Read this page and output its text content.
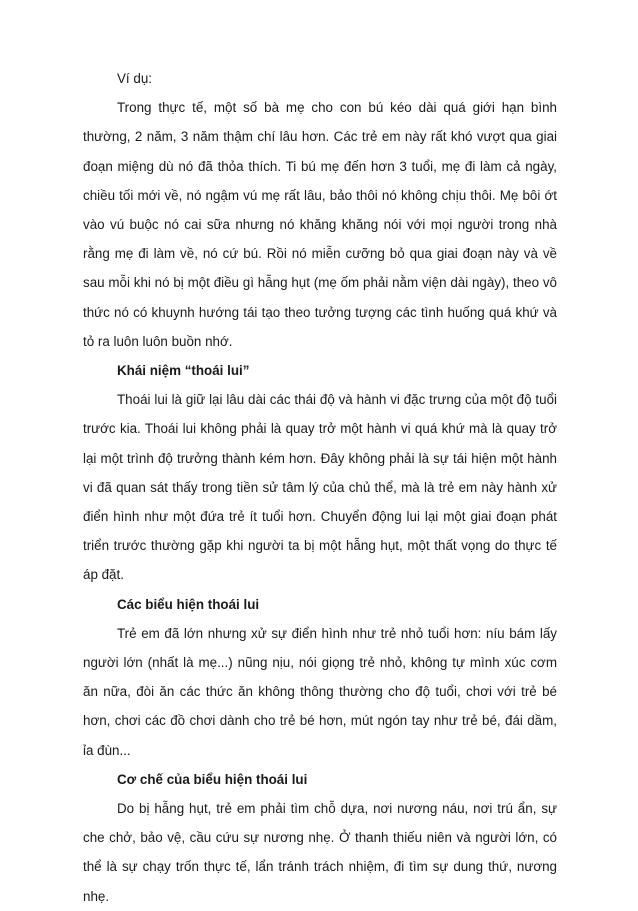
Ví dụ:

Trong thực tế, một số bà mẹ cho con bú kéo dài quá giới hạn bình thường, 2 năm, 3 năm thậm chí lâu hơn. Các trẻ em này rất khó vượt qua giai đoạn miệng dù nó đã thỏa thích. Ti bú mẹ đến hơn 3 tuổi, mẹ đi làm cả ngày, chiều tối mới về, nó ngậm vú mẹ rất lâu, bảo thôi nó không chịu thôi. Mẹ bôi ớt vào vú buộc nó cai sữa nhưng nó khăng khăng nói với mọi người trong nhà rằng mẹ đi làm về, nó cứ bú. Rồi nó miễn cưỡng bỏ qua giai đoạn này và về sau mỗi khi nó bị một điều gì hẫng hụt (mẹ ốm phải nằm viện dài ngày), theo vô thức nó có khuynh hướng tái tạo theo tưởng tượng các tình huống quá khứ và tỏ ra luôn luôn buồn nhớ.

Khái niệm “thoái lui”

Thoái lui là giữ lại lâu dài các thái độ và hành vi đặc trưng của một độ tuổi trước kia. Thoái lui không phải là quay trở một hành vi quá khứ mà là quay trở lại một trình độ trưởng thành kém hơn. Đây không phải là sự tái hiện một hành vi đã quan sát thấy trong tiền sử tâm lý của chủ thể, mà là trẻ em này hành xử điển hình như một đứa trẻ ít tuổi hơn. Chuyển động lui lại một giai đoạn phát triển trước thường gặp khi người ta bị một hẫng hụt, một thất vọng do thực tế áp đặt.

Các biểu hiện thoái lui

Trẻ em đã lớn nhưng xử sự điển hình như trẻ nhỏ tuổi hơn: níu bám lấy người lớn (nhất là mẹ...) nũng nịu, nói giọng trẻ nhỏ, không tự mình xúc cơm ăn nữa, đòi ăn các thức ăn không thông thường cho độ tuổi, chơi với trẻ bé hơn, chơi các đồ chơi dành cho trẻ bé hơn, mút ngón tay như trẻ bé, đái dầm, ỉa đùn...

Cơ chế của biểu hiện thoái lui

Do bị hẫng hụt, trẻ em phải tìm chỗ dựa, nơi nương náu, nơi trú ẩn, sự che chở, bảo vệ, cầu cứu sự nương nhẹ. Ở thanh thiếu niên và người lớn, có thể là sự chạy trốn thực tế, lẩn tránh trách nhiệm, đi tìm sự dung thứ, nương nhẹ.
